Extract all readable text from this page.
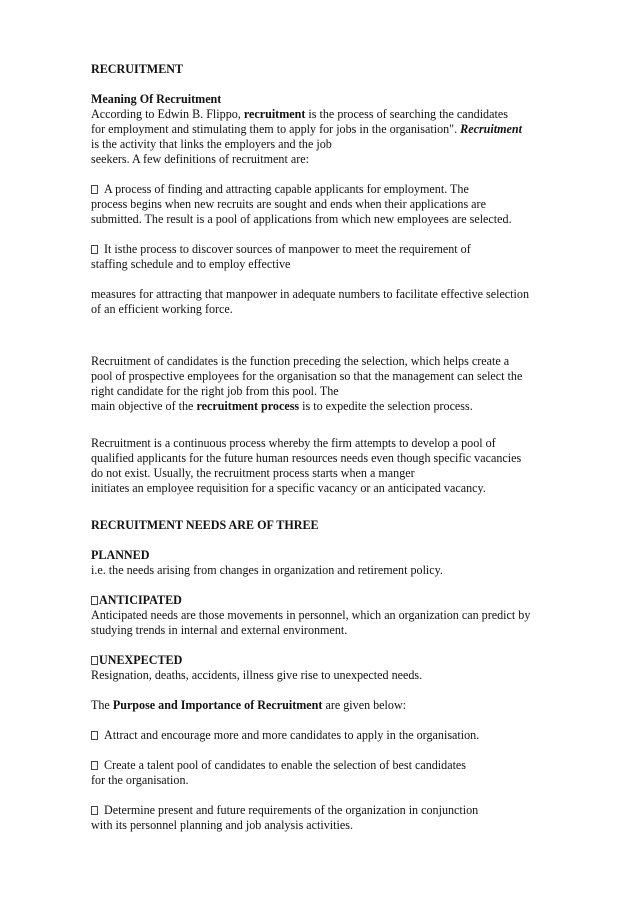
RECRUITMENT
Meaning Of Recruitment
According to Edwin B. Flippo, recruitment is the process of searching the candidates
for employment and stimulating them to apply for jobs in the organisation". Recruitment
is the activity that links the employers and the job
seekers. A few definitions of recruitment are:
A process of finding and attracting capable applicants for employment. The
process begins when new recruits are sought and ends when their applications are
submitted. The result is a pool of applications from which new employees are selected.
It isthe process to discover sources of manpower to meet the requirement of
staffing schedule and to employ effective
measures for attracting that manpower in adequate numbers to facilitate effective selection
of an efficient working force.
Recruitment of candidates is the function preceding the selection, which helps create a
pool of prospective employees for the organisation so that the management can select the
right candidate for the right job from this pool. The
main objective of the recruitment process is to expedite the selection process.
Recruitment is a continuous process whereby the firm attempts to develop a pool of
qualified applicants for the future human resources needs even though specific vacancies
do not exist. Usually, the recruitment process starts when a manger
initiates an employee requisition for a specific vacancy or an anticipated vacancy.
RECRUITMENT NEEDS ARE OF THREE
PLANNED
i.e. the needs arising from changes in organization and retirement policy.
ANTICIPATED
Anticipated needs are those movements in personnel, which an organization can predict by
studying trends in internal and external environment.
UNEXPECTED
Resignation, deaths, accidents, illness give rise to unexpected needs.
The Purpose and Importance of Recruitment are given below:
Attract and encourage more and more candidates to apply in the organisation.
Create a talent pool of candidates to enable the selection of best candidates
for the organisation.
Determine present and future requirements of the organization in conjunction
with its personnel planning and job analysis activities.
